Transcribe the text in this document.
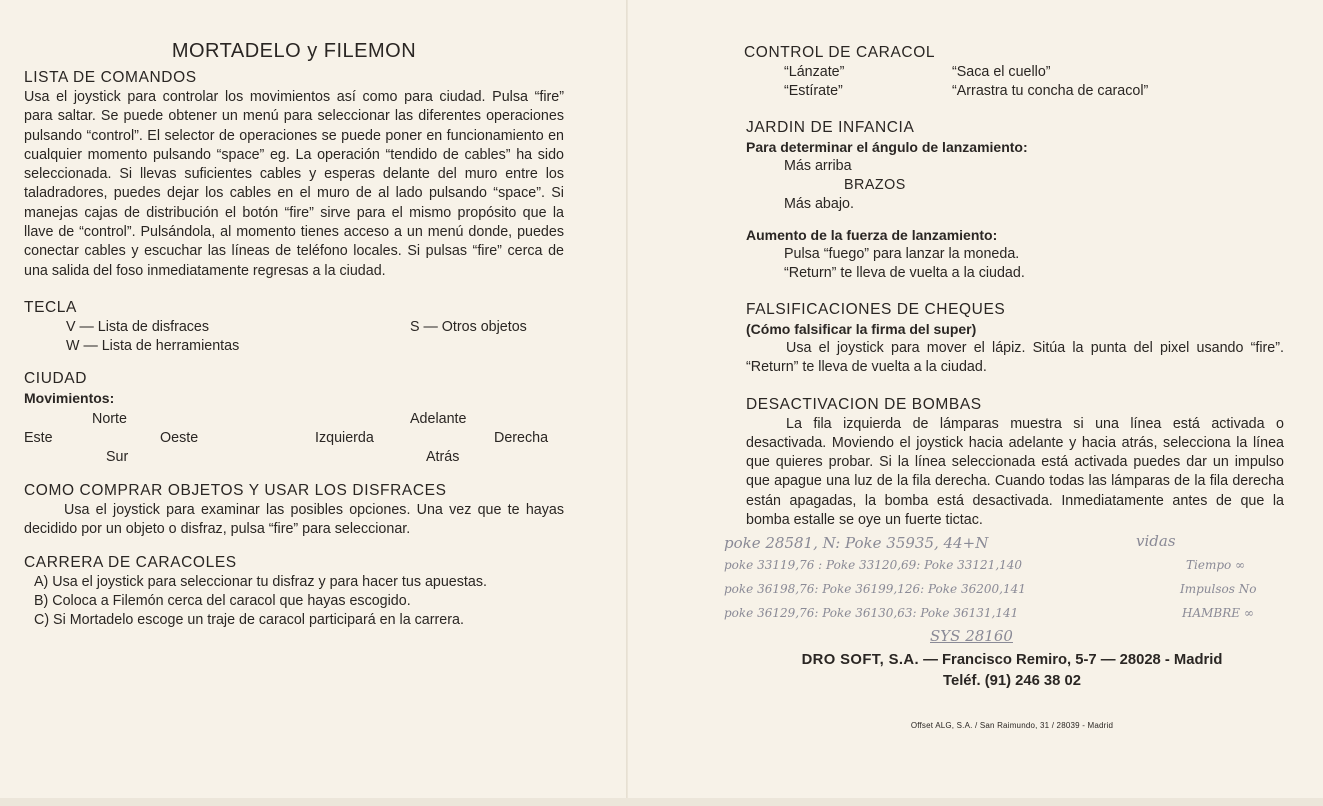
MORTADELO y FILEMON
LISTA DE COMANDOS

Usa el joystick para controlar los movimientos así como para ciudad. Pulsa “fire” para saltar. Se puede obtener un menú para seleccionar las diferentes operaciones pulsando “control”. El selector de operaciones se puede poner en funcionamiento en cualquier momento pulsando “space” eg. La operación “tendido de cables” ha sido seleccionada. Si llevas suficientes cables y esperas delante del muro entre los taladradores, puedes dejar los cables en el muro de al lado pulsando “space”. Si manejas cajas de distribución el botón “fire” sirve para el mismo propósito que la llave de “control”. Pulsándola, al momento tienes acceso a un menú donde, puedes conectar cables y escuchar las líneas de teléfono locales. Si pulsas “fire” cerca de una salida del foso inmediatamente regresas a la ciudad.

TECLA
V — Lista de disfraces	S — Otros objetos
W — Lista de herramientas
CIUDAD
Movimientos:
Norte	Adelante
Este	Oeste	Izquierda	Derecha
Sur	Atrás
COMO COMPRAR OBJETOS Y USAR LOS DISFRACES

Usa el joystick para examinar las posibles opciones. Una vez que te hayas decidido por un objeto o disfraz, pulsa “fire” para seleccionar.

CARRERA DE CARACOLES

A) Usa el joystick para seleccionar tu disfraz y para hacer tus apuestas.

B) Coloca a Filemón cerca del caracol que hayas escogido.

C) Si Mortadelo escoge un traje de caracol participará en la carrera.

CONTROL DE CARACOL
“Lánzate”	“Saca el cuello”
“Estírate”	“Arrastra tu concha de caracol”
JARDIN DE INFANCIA
Para determinar el ángulo de lanzamiento:
Más arriba
BRAZOS
Más abajo.
Aumento de la fuerza de lanzamiento:
Pulsa “fuego” para lanzar la moneda.
“Return” te lleva de vuelta a la ciudad.
FALSIFICACIONES DE CHEQUES
(Cómo falsificar la firma del super)

Usa el joystick para mover el lápiz. Sitúa la punta del pixel usando “fire”. “Return” te lleva de vuelta a la ciudad.

DESACTIVACION DE BOMBAS

La fila izquierda de lámparas muestra si una línea está activada o desactivada. Moviendo el joystick hacia adelante y hacia atrás, selecciona la línea que quieres probar. Si la línea seleccionada está activada puedes dar un impulso que apague una luz de la fila derecha. Cuando todas las lámparas de la fila derecha están apagadas, la bomba está desactivada. Inmediatamente antes de que la bomba estalle se oye un fuerte tictac.

poke 28581, N: Poke 35935, 44+N	vidas
poke 33119,76 : Poke 33120,69: Poke 33121,140	Tiempo ∞
poke 36198,76: Poke 36199,126: Poke 36200,141	Impulsos No
poke 36129,76: Poke 36130,63: Poke 36131,141	HAMBRE ∞
SYS 28160
DRO SOFT, S.A. — Francisco Remiro, 5-7 — 28028 - Madrid
Teléf. (91) 246 38 02
Offset ALG, S.A. / San Raimundo, 31 / 28039 - Madrid
